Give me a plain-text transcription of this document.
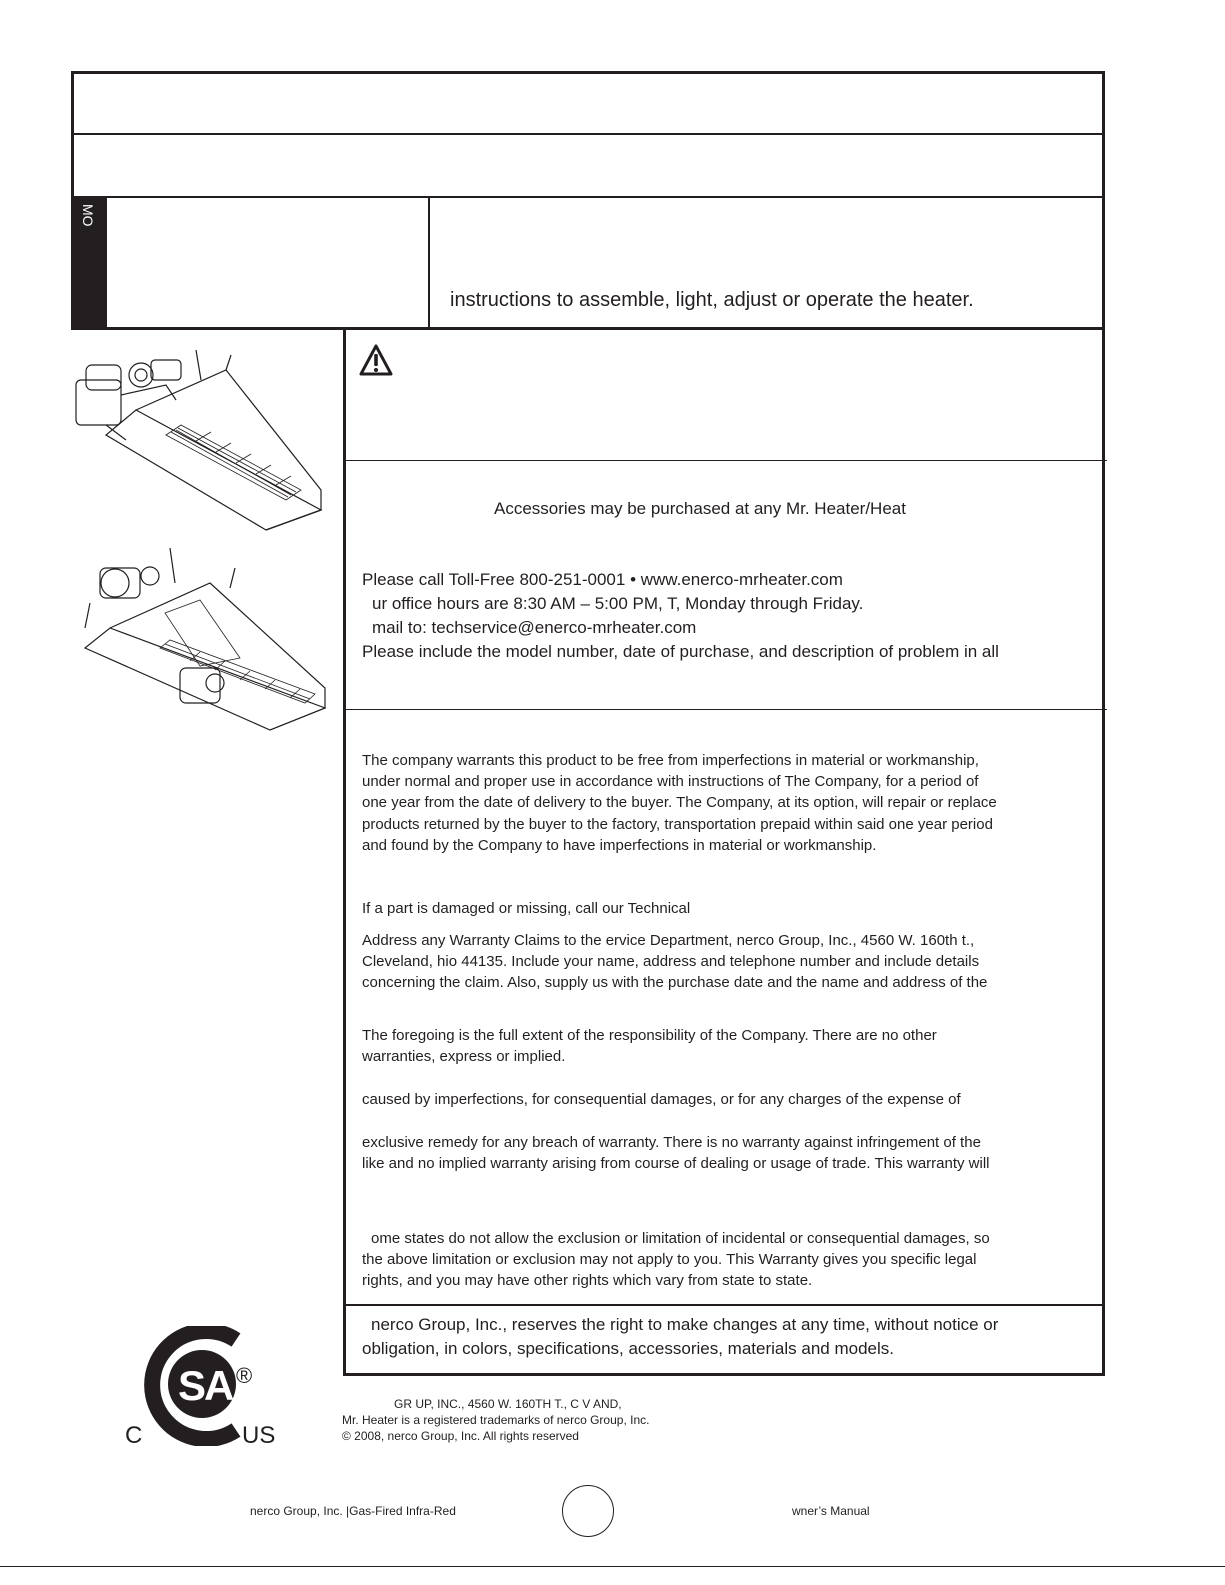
MO
instructions to assemble, light, adjust or operate the heater.
Accessories may be purchased at any Mr. Heater/Heat
Please call Toll-Free 800-251-0001 • www.enerco-mrheater.com
ur office hours are 8:30 AM – 5:00 PM, T, Monday through Friday.
mail to: techservice@enerco-mrheater.com
Please include the model number, date of purchase, and description of problem in all
The company warrants this product to be free from imperfections in material or workmanship,
under normal and proper use in accordance with instructions of The Company, for a period of
one year from the date of delivery to the buyer. The Company, at its option, will repair or replace
products returned by the buyer to the factory, transportation prepaid within said one year period
and found by the Company to have imperfections in material or workmanship.
If a part is damaged or missing, call our Technical
Address any Warranty Claims to the ervice Department, nerco Group, Inc., 4560 W. 160th t.,
Cleveland, hio 44135. Include your name, address and telephone number and include details
concerning the claim. Also, supply us with the purchase date and the name and address of the
The foregoing is the full extent of the responsibility of the Company. There are no other
warranties, express or implied.
caused by imperfections, for consequential damages, or for any charges of the expense of
exclusive remedy for any breach of warranty. There is no warranty against infringement of the
like and no implied warranty arising from course of dealing or usage of trade. This warranty will
ome states do not allow the exclusion or limitation of incidental or consequential damages, so
the above limitation or exclusion may not apply to you. This Warranty gives you specific legal
rights, and you may have other rights which vary from state to state.
nerco Group, Inc., reserves the right to make changes at any time, without notice or
obligation, in colors, specifications, accessories, materials and models.
SA ®
C	US
GR UP, INC., 4560 W. 160TH T., C V AND,
Mr. Heater is a registered trademarks of nerco Group, Inc.
© 2008, nerco Group, Inc. All rights reserved
nerco Group, Inc. |Gas-Fired Infra-Red	wner’s Manual
